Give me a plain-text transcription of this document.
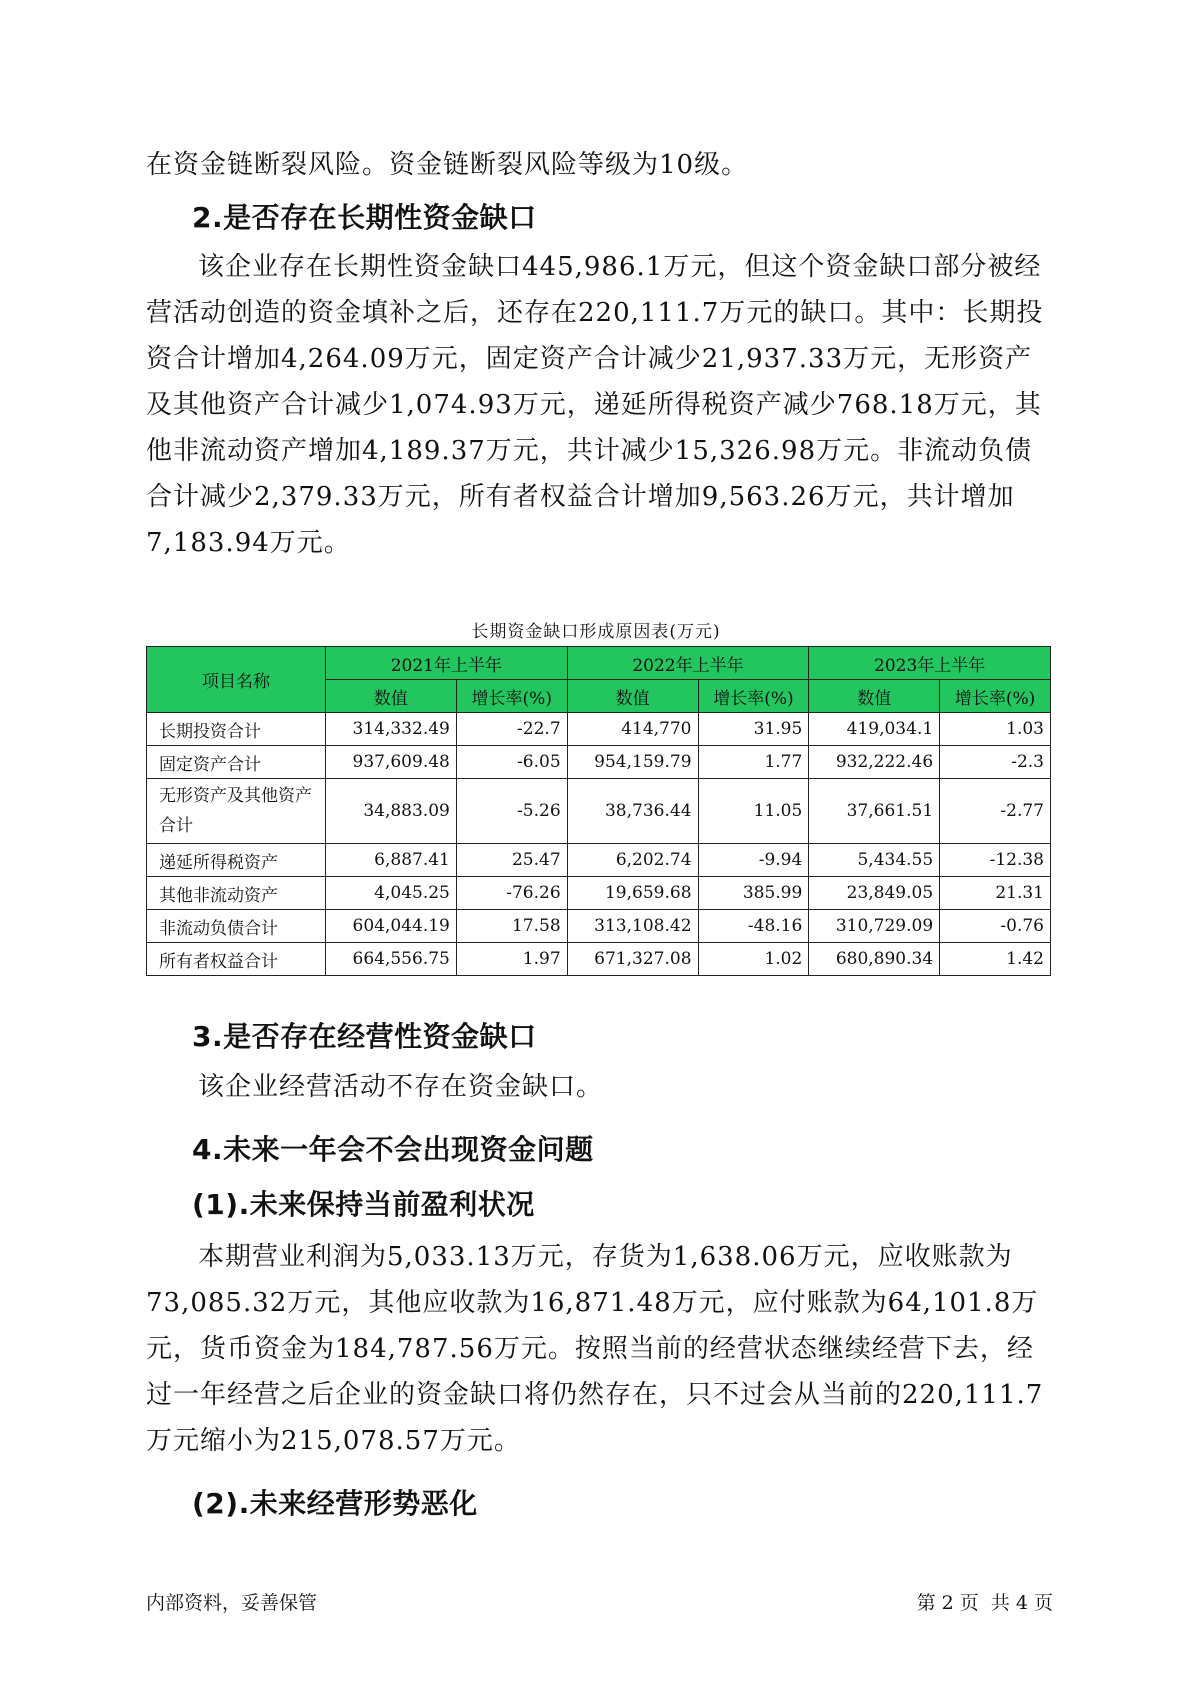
在资金链断裂风险。资金链断裂风险等级为10级。

2.是否存在长期性资金缺口

该企业存在长期性资金缺口445,986.1万元，但这个资金缺口部分被经营活动创造的资金填补之后，还存在220,111.7万元的缺口。其中：长期投资合计增加4,264.09万元，固定资产合计减少21,937.33万元，无形资产及其他资产合计减少1,074.93万元，递延所得税资产减少768.18万元，其他非流动资产增加4,189.37万元，共计减少15,326.98万元。非流动负债合计减少2,379.33万元，所有者权益合计增加9,563.26万元，共计增加7,183.94万元。

长期资金缺口形成原因表(万元)
项目名称	2021年上半年		2022年上半年		2023年上半年	
	数值	增长率(%)	数值	增长率(%)	数值	增长率(%)
长期投资合计	314,332.49	-22.7	414,770	31.95	419,034.1	1.03
固定资产合计	937,609.48	-6.05	954,159.79	1.77	932,222.46	-2.3
无形资产及其他资产合计	34,883.09	-5.26	38,736.44	11.05	37,661.51	-2.77
递延所得税资产	6,887.41	25.47	6,202.74	-9.94	5,434.55	-12.38
其他非流动资产	4,045.25	-76.26	19,659.68	385.99	23,849.05	21.31
非流动负债合计	604,044.19	17.58	313,108.42	-48.16	310,729.09	-0.76
所有者权益合计	664,556.75	1.97	671,327.08	1.02	680,890.34	1.42
3.是否存在经营性资金缺口

该企业经营活动不存在资金缺口。

4.未来一年会不会出现资金问题
(1).未来保持当前盈利状况

本期营业利润为5,033.13万元，存货为1,638.06万元，应收账款为73,085.32万元，其他应收款为16,871.48万元，应付账款为64,101.8万元，货币资金为184,787.56万元。按照当前的经营状态继续经营下去，经过一年经营之后企业的资金缺口将仍然存在，只不过会从当前的220,111.7万元缩小为215,078.57万元。

(2).未来经营形势恶化
内部资料，妥善保管	第 2 页  共 4 页
